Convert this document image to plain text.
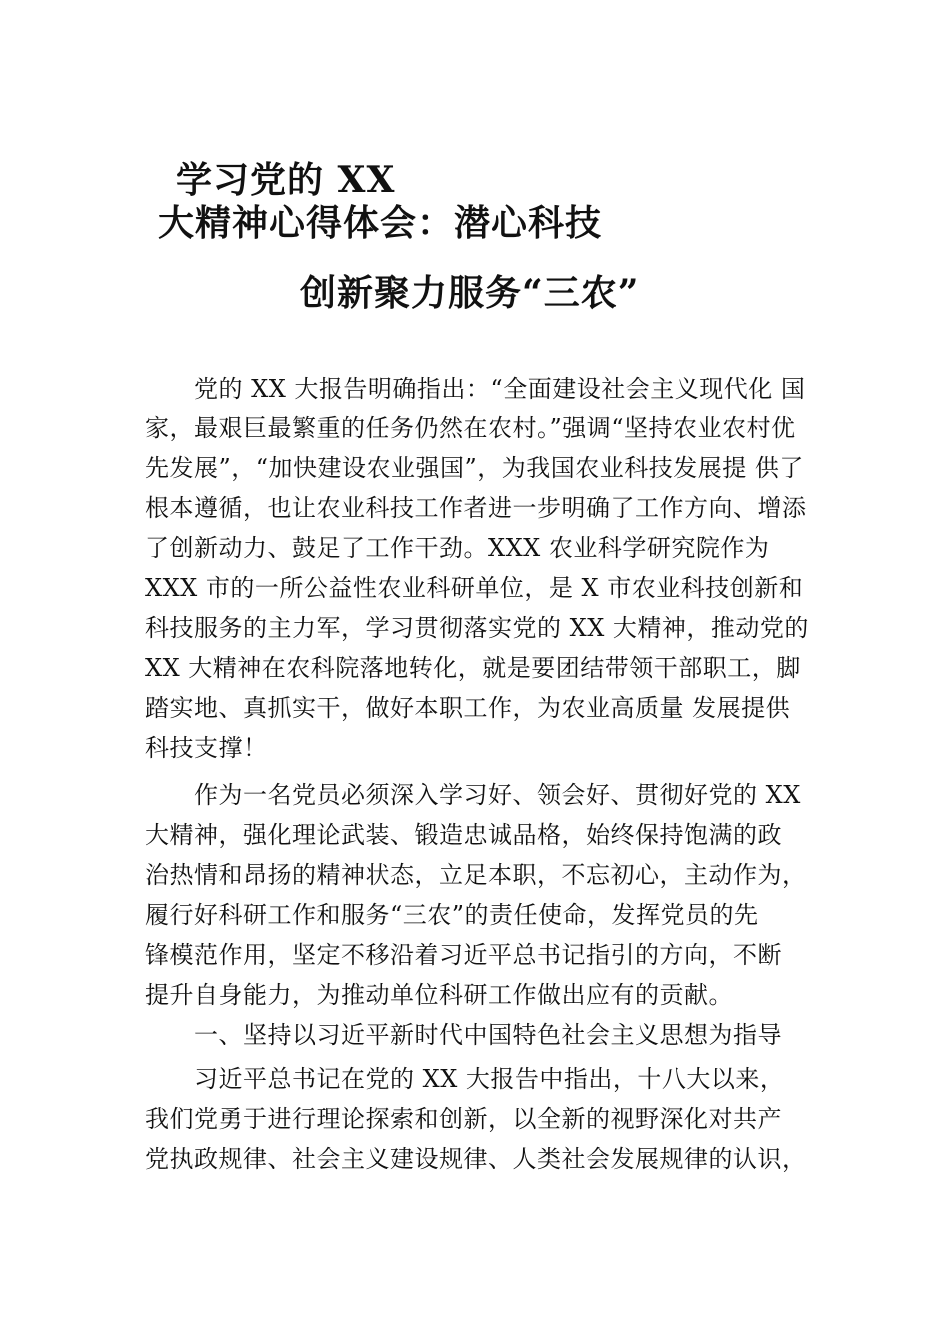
学习党的 XX
大精神心得体会：潜心科技
创新聚力服务“三农”
党的 XX 大报告明确指出：“全面建设社会主义现代化 国
家，最艰巨最繁重的任务仍然在农村。”强调“坚持农业农村优
先发展”，“加快建设农业强国”，为我国农业科技发展提 供了
根本遵循，也让农业科技工作者进一步明确了工作方向、增添
了创新动力、鼓足了工作干劲。XXX 农业科学研究院作为
XXX 市的一所公益性农业科研单位，是 X 市农业科技创新和
科技服务的主力军，学习贯彻落实党的 XX 大精神，推动党的
XX 大精神在农科院落地转化，就是要团结带领干部职工，脚
踏实地、真抓实干，做好本职工作，为农业高质量 发展提供
科技支撑！
作为一名党员必须深入学习好、领会好、贯彻好党的 XX
大精神，强化理论武装、锻造忠诚品格，始终保持饱满的政
治热情和昂扬的精神状态，立足本职，不忘初心，主动作为，
履行好科研工作和服务“三农”的责任使命，发挥党员的先
锋模范作用，坚定不移沿着习近平总书记指引的方向，不断
提升自身能力，为推动单位科研工作做出应有的贡献。
一、坚持以习近平新时代中国特色社会主义思想为指导
习近平总书记在党的 XX 大报告中指出，十八大以来，
我们党勇于进行理论探索和创新，以全新的视野深化对共产
党执政规律、社会主义建设规律、人类社会发展规律的认识，
